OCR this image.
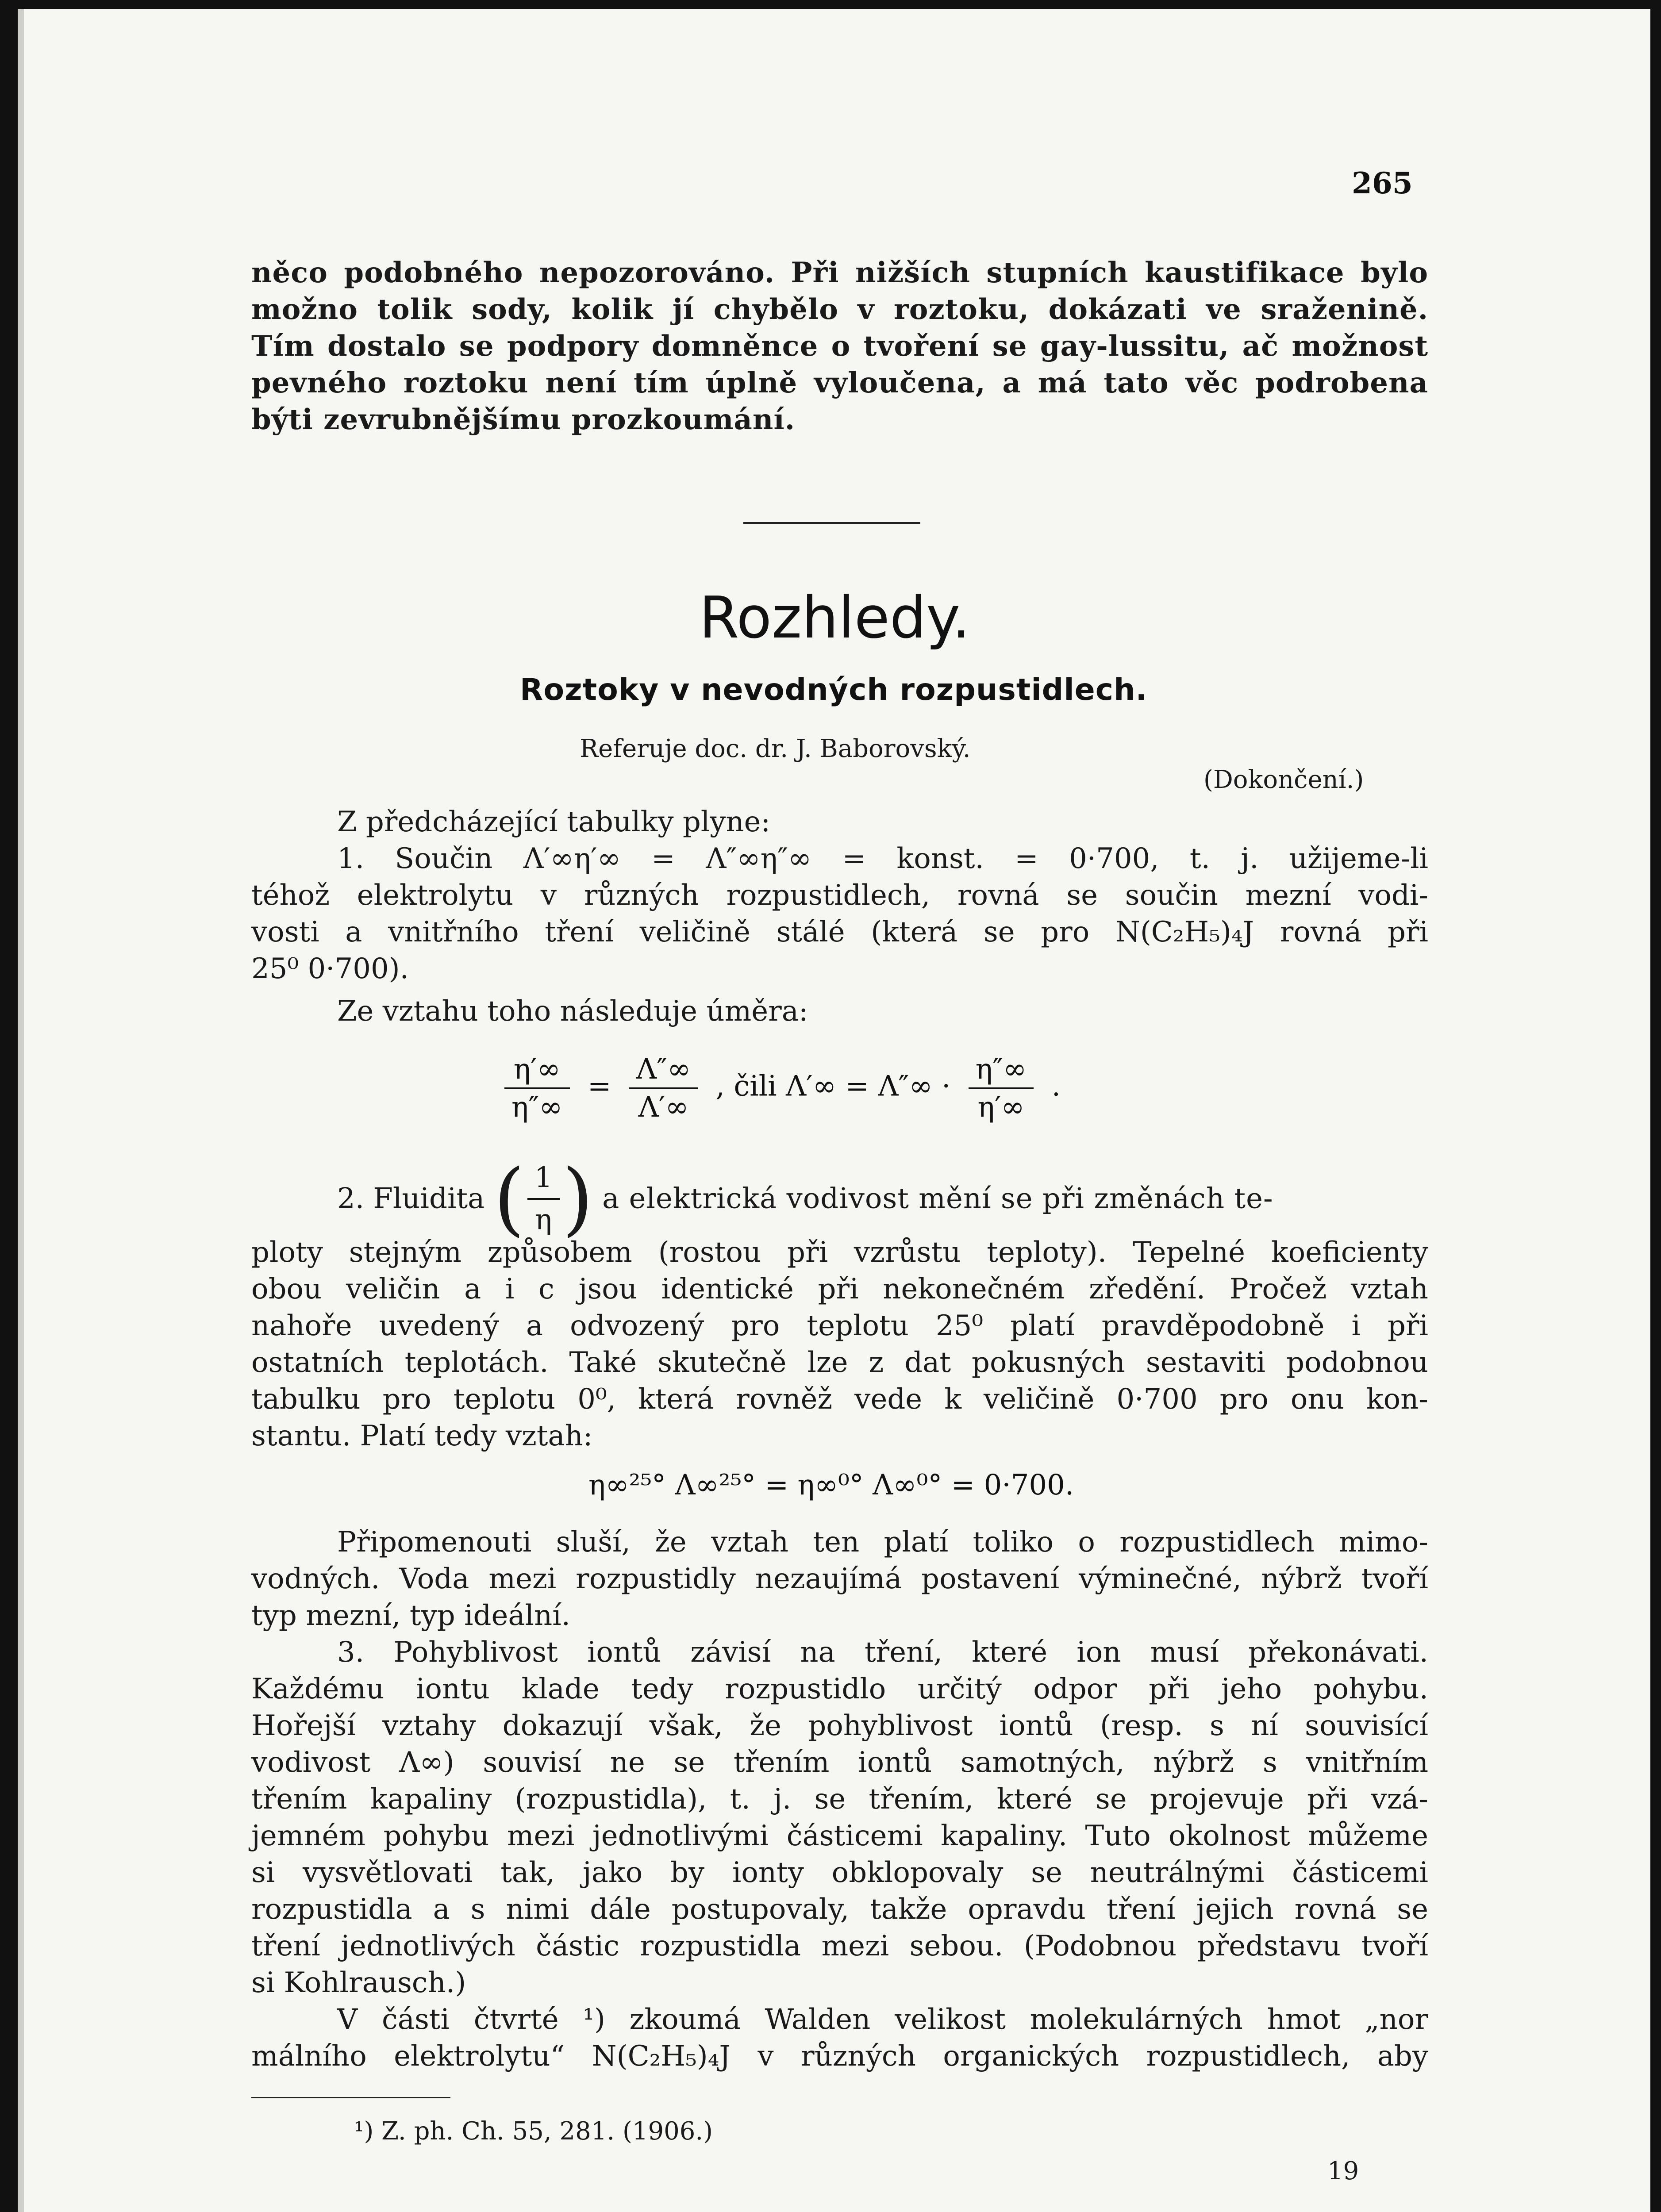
265
něco podobného nepozorováno. Při nižších stupních kaustifikace bylo
možno tolik sody, kolik jí chybělo v roztoku, dokázati ve sraženině.
Tím dostalo se podpory domněnce o tvoření se gay-lussitu, ač možnost
pevného roztoku není tím úplně vyloučena, a má tato věc podrobena
býti zevrubnějšímu prozkoumání.
Rozhledy.
Roztoky v nevodných rozpustidlech.
Referuje doc. dr. J. Baborovský.
(Dokončení.)
Z předcházející tabulky plyne:
1. Součin Λ′∞η′∞ = Λ″∞η″∞ = konst. = 0·700, t. j. užijeme-li
téhož elektrolytu v různých rozpustidlech, rovná se součin mezní vodi-
vosti a vnitřního tření veličině stálé (která se pro N(C₂H₅)₄J rovná při
25⁰ 0·700).
Ze vztahu toho následuje úměra:
$\frac{\eta'\infty}{\eta''\infty} = \frac{\Lambda''\infty}{\Lambda'\infty}$ , čili $\Lambda'\infty = \Lambda''\infty \cdot \frac{\eta''\infty}{\eta'\infty}$ .
2. Fluidita ( $\frac{1}{\eta}$ ) a elektrická vodivost mění se při změnách te-
ploty stejným způsobem (rostou při vzrůstu teploty). Tepelné koeficienty
obou veličin a i c jsou identické při nekonečném zředění. Pročež vztah
nahoře uvedený a odvozený pro teplotu 25⁰ platí pravděpodobně i při
ostatních teplotách. Také skutečně lze z dat pokusných sestaviti podobnou
tabulku pro teplotu 0⁰, která rovněž vede k veličině 0·700 pro onu kon-
stantu. Platí tedy vztah:
η∞²⁵° Λ∞²⁵° = η∞⁰° Λ∞⁰° = 0·700.
Připomenouti sluší, že vztah ten platí toliko o rozpustidlech mimo-
vodných. Voda mezi rozpustidly nezaujímá postavení výminečné, nýbrž tvoří
typ mezní, typ ideální.
3. Pohyblivost iontů závisí na tření, které ion musí překonávati.
Každému iontu klade tedy rozpustidlo určitý odpor při jeho pohybu.
Hořejší vztahy dokazují však, že pohyblivost iontů (resp. s ní souvisící
vodivost Λ∞) souvisí ne se třením iontů samotných, nýbrž s vnitřním
třením kapaliny (rozpustidla), t. j. se třením, které se projevuje při vzá-
jemném pohybu mezi jednotlivými částicemi kapaliny. Tuto okolnost můžeme
si vysvětlovati tak, jako by ionty obklopovaly se neutrálnými částicemi
rozpustidla a s nimi dále postupovaly, takže opravdu tření jejich rovná se
tření jednotlivých částic rozpustidla mezi sebou. (Podobnou představu tvoří
si Kohlrausch.)
V části čtvrté ¹) zkoumá Walden velikost molekulárných hmot „nor
málního elektrolytu“ N(C₂H₅)₄J v různých organických rozpustidlech, aby
¹) Z. ph. Ch. 55, 281. (1906.)
19
